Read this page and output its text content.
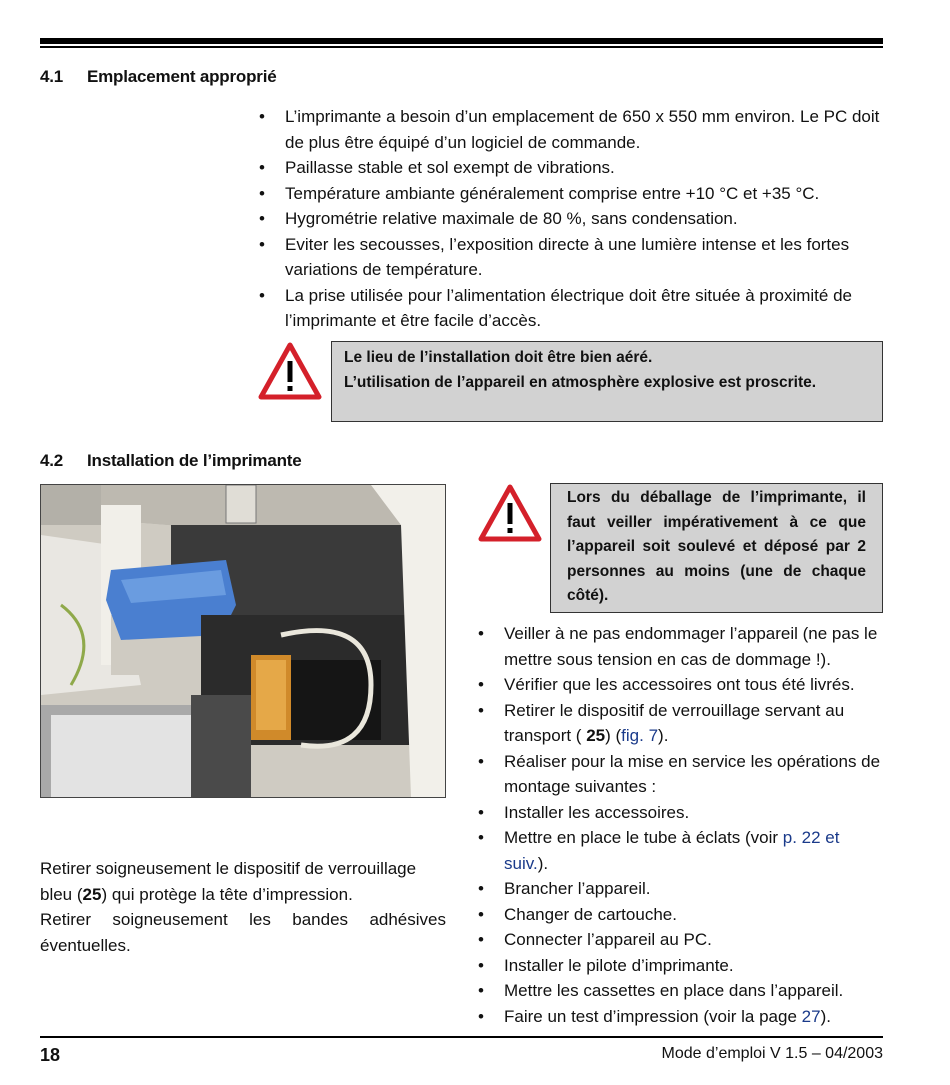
4.1 Emplacement approprié
• L’imprimante a besoin d’un emplacement de 650 x 550 mm environ. Le PC doit de plus être équipé d’un logiciel de commande.
• Paillasse stable et sol exempt de vibrations.
• Température ambiante généralement comprise entre +10 °C et +35 °C.
• Hygrométrie relative maximale de 80 %, sans condensation.
• Eviter les secousses, l’exposition directe à une lumière intense et les fortes variations de température.
• La prise utilisée pour l’alimentation électrique doit être située à proximité de l’imprimante et être facile d’accès.
Le lieu de l’installation doit être bien aéré.
L’utilisation de l’appareil en atmosphère explosive est proscrite.
4.2 Installation de l’imprimante
Retirer soigneusement le dispositif de verrouillage bleu (25) qui protège la tête d’impression.
Retirer soigneusement les bandes adhésives éventuelles.
Lors du déballage de l’imprimante, il faut veiller impérativement à ce que l’appareil soit soulevé et déposé par 2 personnes au moins (une de chaque côté).
• Veiller à ne pas endommager l’appareil (ne pas le mettre sous tension en cas de dommage !).
• Vérifier que les accessoires ont tous été livrés.
• Retirer le dispositif de verrouillage servant au transport ( 25) (fig. 7).
• Réaliser pour la mise en service les opérations de montage suivantes :
• Installer les accessoires.
• Mettre en place le tube à éclats (voir p. 22 et suiv.).
• Brancher l’appareil.
• Changer de cartouche.
• Connecter l’appareil au PC.
• Installer le pilote d’imprimante.
• Mettre les cassettes en place dans l’appareil.
• Faire un test d’impression (voir la page 27).
18	Mode d’emploi V 1.5 – 04/2003
